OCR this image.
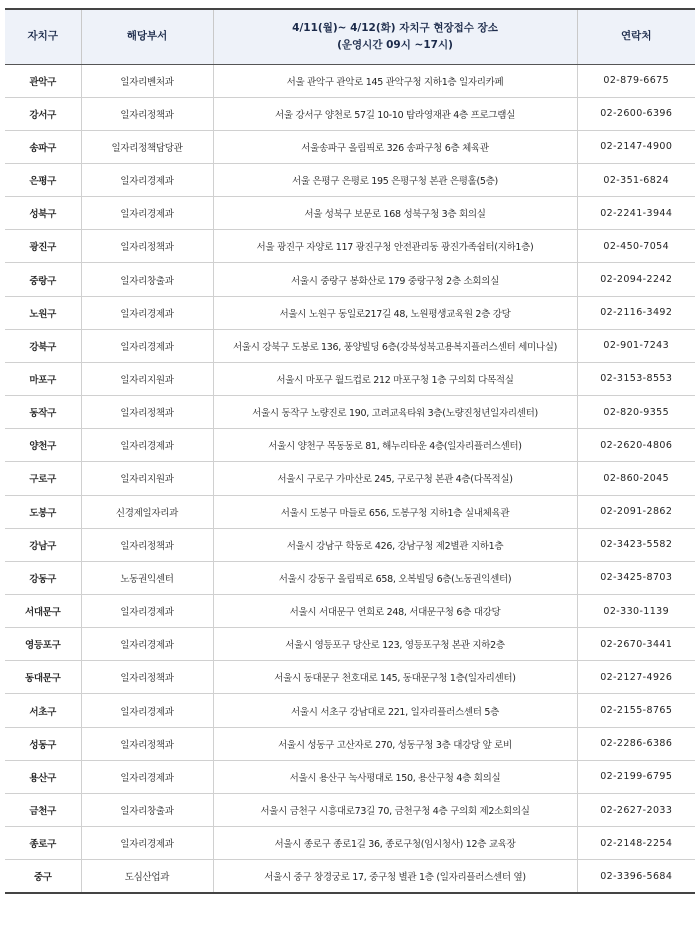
자치구	해당부서	4/11(월)~ 4/12(화) 자치구 현장접수 장소
(운영시간 09시 ~17시)	연락처
관악구	일자리벤처과	서울 관악구 관악로 145 관악구청 지하1층 일자리카페	02-879-6675
강서구	일자리정책과	서울 강서구 양천로 57길 10-10 탐라영재관 4층 프로그램실	02-2600-6396
송파구	일자리정책담당관	서울송파구 올림픽로 326 송파구청 6층 체육관	02-2147-4900
은평구	일자리경제과	서울 은평구 은평로 195 은평구청 본관 은평홀(5층)	02-351-6824
성북구	일자리경제과	서울 성북구 보문로 168 성북구청 3층 회의실	02-2241-3944
광진구	일자리정책과	서울 광진구 자양로 117 광진구청 안전관리동 광진가족쉼터(지하1층)	02-450-7054
중랑구	일자리창출과	서울시 중랑구 봉화산로 179 중랑구청 2층 소회의실	02-2094-2242
노원구	일자리경제과	서울시 노원구 동일로217길 48, 노원평생교육원 2층 강당	02-2116-3492
강북구	일자리경제과	서울시 강북구 도봉로 136, 풍양빌딩 6층(강북성북고용복지플러스센터 세미나실)	02-901-7243
마포구	일자리지원과	서울시 마포구 월드컵로 212 마포구청 1층 구의회 다목적실	02-3153-8553
동작구	일자리정책과	서울시 동작구 노량진로 190, 고려교육타워 3층(노량진청년일자리센터)	02-820-9355
양천구	일자리경제과	서울시 양천구 목동동로 81, 해누리타운 4층(일자리플러스센터)	02-2620-4806
구로구	일자리지원과	서울시 구로구 가마산로 245, 구로구청 본관 4층(다목적실)	02-860-2045
도봉구	신경제일자리과	서울시 도봉구 마들로 656, 도봉구청 지하1층 실내체육관	02-2091-2862
강남구	일자리정책과	서울시 강남구 학동로 426, 강남구청 제2별관 지하1층	02-3423-5582
강동구	노동권익센터	서울시 강동구 올림픽로 658, 오복빌딩 6층(노동권익센터)	02-3425-8703
서대문구	일자리경제과	서울시 서대문구 연희로 248, 서대문구청 6층 대강당	02-330-1139
영등포구	일자리경제과	서울시 영등포구 당산로 123, 영등포구청 본관 지하2층	02-2670-3441
동대문구	일자리정책과	서울시 동대문구 천호대로 145, 동대문구청 1층(일자리센터)	02-2127-4926
서초구	일자리경제과	서울시 서초구 강남대로 221, 일자리플러스센터 5층	02-2155-8765
성동구	일자리정책과	서울시 성동구 고산자로 270, 성동구청 3층 대강당 앞 로비	02-2286-6386
용산구	일자리경제과	서울시 용산구 녹사평대로 150, 용산구청 4층 회의실	02-2199-6795
금천구	일자리창출과	서울시 금천구 시흥대로73길 70, 금천구청 4층 구의회 제2소회의실	02-2627-2033
종로구	일자리경제과	서울시 종로구 종로1길 36, 종로구청(임시청사) 12층 교육장	02-2148-2254
중구	도심산업과	서울시 중구 창경궁로 17, 중구청 별관 1층 (일자리플러스센터 옆)	02-3396-5684
